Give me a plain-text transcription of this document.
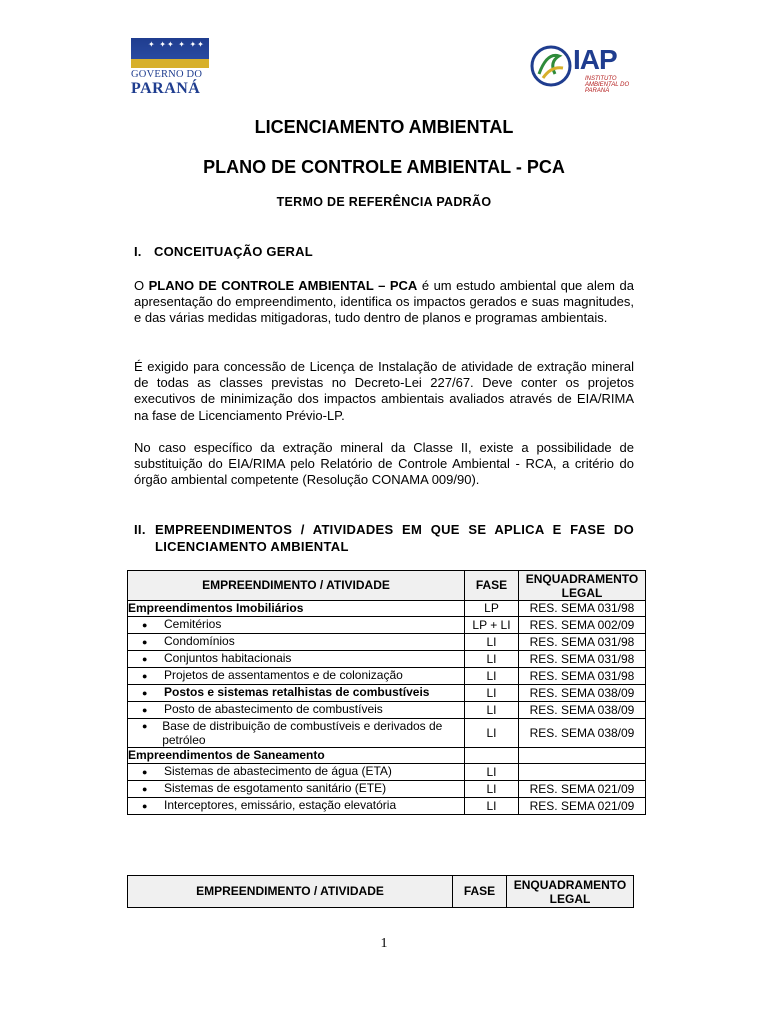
✦ ✦✦ ✦ ✦✦
GOVERNO DO
PARANÁ
IAP
INSTITUTO AMBIENTAL DO PARANÁ
LICENCIAMENTO AMBIENTAL
PLANO DE CONTROLE AMBIENTAL - PCA
TERMO DE REFERÊNCIA PADRÃO
I. CONCEITUAÇÃO GERAL
O PLANO DE CONTROLE AMBIENTAL – PCA é um estudo ambiental que alem da apresentação do empreendimento, identifica os impactos gerados e suas magnitudes, e das várias medidas mitigadoras, tudo dentro de planos e programas ambientais.
É exigido para concessão de Licença de Instalação de atividade de extração mineral de todas as classes previstas no Decreto-Lei 227/67. Deve conter os projetos executivos de minimização dos impactos ambientais avaliados através de EIA/RIMA na fase de Licenciamento Prévio-LP.
No caso específico da extração mineral da Classe II, existe a possibilidade de substituição do EIA/RIMA pelo Relatório de Controle Ambiental - RCA, a critério do órgão ambiental competente (Resolução CONAMA 009/90).
II. EMPREENDIMENTOS / ATIVIDADES EM QUE SE APLICA E FASE DO LICENCIAMENTO AMBIENTAL
EMPREENDIMENTO / ATIVIDADE	FASE	ENQUADRAMENTO LEGAL
Empreendimentos Imobiliários	LP	RES. SEMA 031/98
● Cemitérios	LP + LI	RES. SEMA 002/09
● Condomínios	LI	RES. SEMA 031/98
● Conjuntos habitacionais	LI	RES. SEMA 031/98
● Projetos de assentamentos e de colonização	LI	RES. SEMA 031/98
● Postos e sistemas retalhistas de combustíveis	LI	RES. SEMA 038/09
● Posto de abastecimento de combustíveis	LI	RES. SEMA 038/09

● Base de distribuição de combustíveis e derivados de petróleo	LI	RES. SEMA 038/09
Empreendimentos de Saneamento		
● Sistemas de abastecimento de água (ETA)	LI	
● Sistemas de esgotamento sanitário (ETE)	LI	RES. SEMA 021/09
● Interceptores, emissário, estação elevatória	LI	RES. SEMA 021/09
EMPREENDIMENTO / ATIVIDADE	FASE	ENQUADRAMENTO LEGAL
1
